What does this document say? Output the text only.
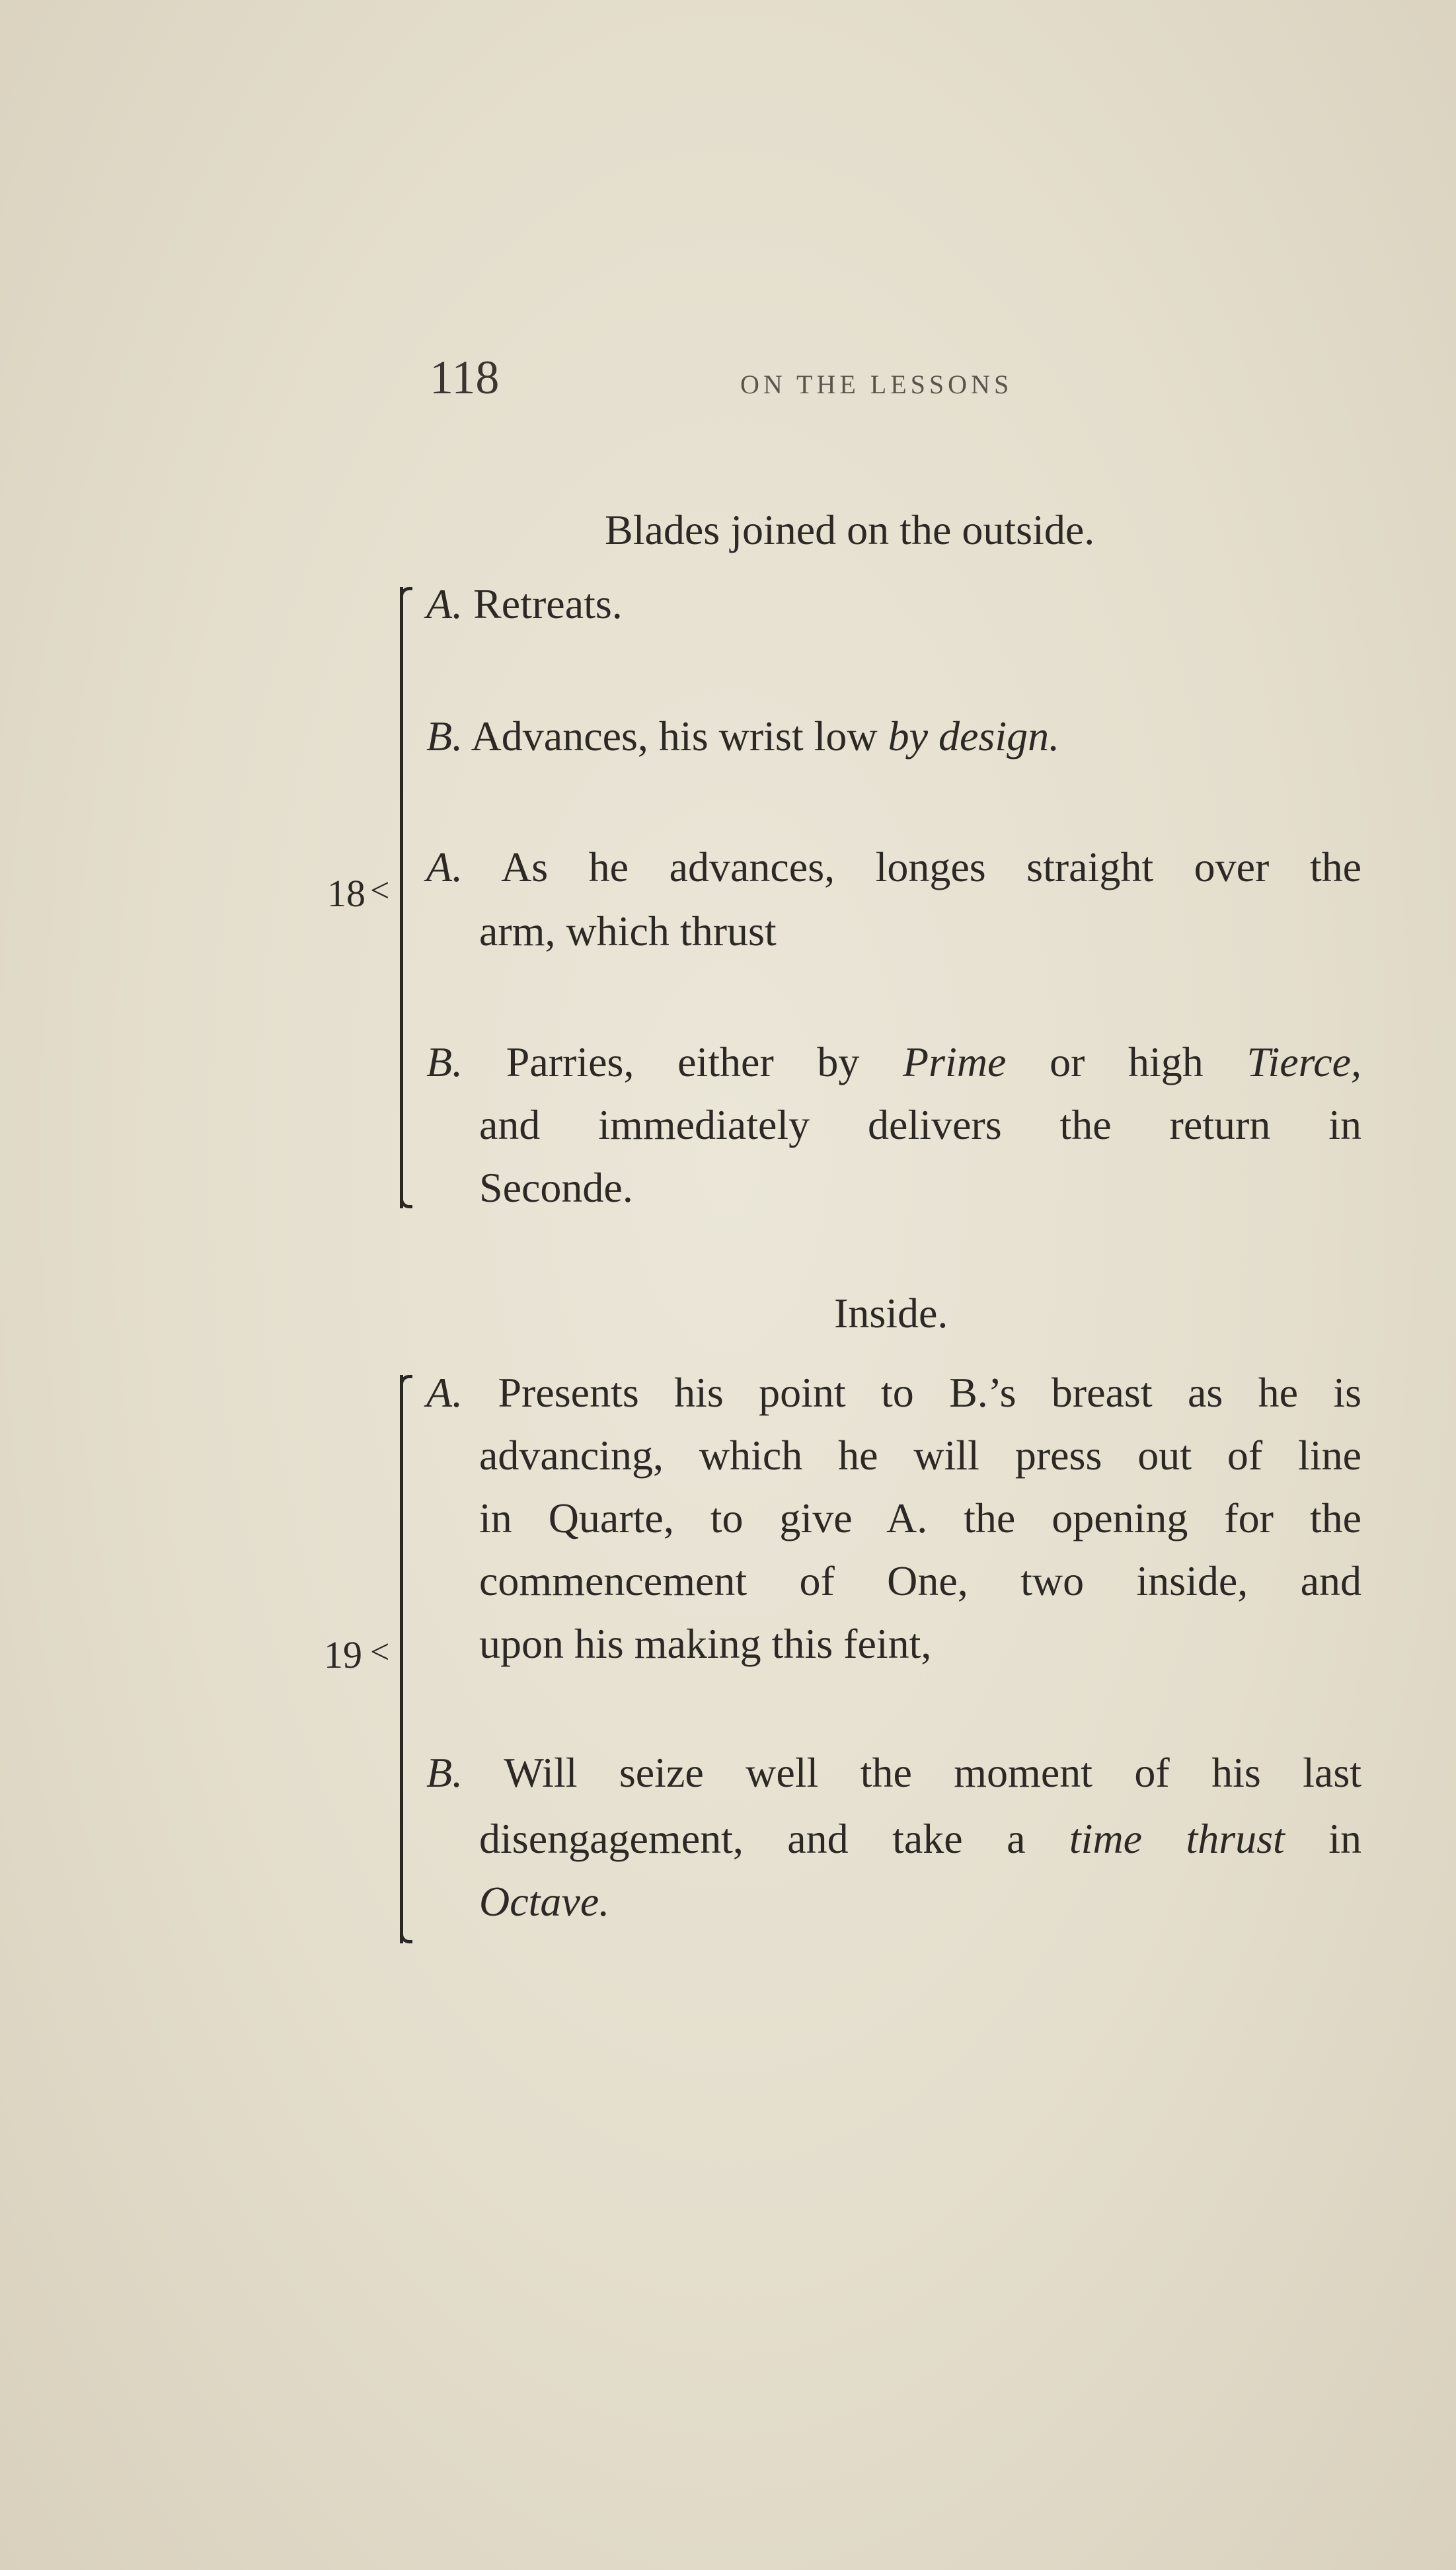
118	ON THE LESSONS
Blades joined on the outside.
18 <
A. Retreats.
B. Advances, his wrist low by design.
A. As he advances, longes straight over the
arm, which thrust
B. Parries, either by Prime or high Tierce,
and immediately delivers the return in
Seconde.
Inside.
19 <
A. Presents his point to B.’s breast as he is
advancing, which he will press out of line
in Quarte, to give A. the opening for the
commencement of One, two inside, and
upon his making this feint,
B. Will seize well the moment of his last
disengagement, and take a time thrust in
Octave.
